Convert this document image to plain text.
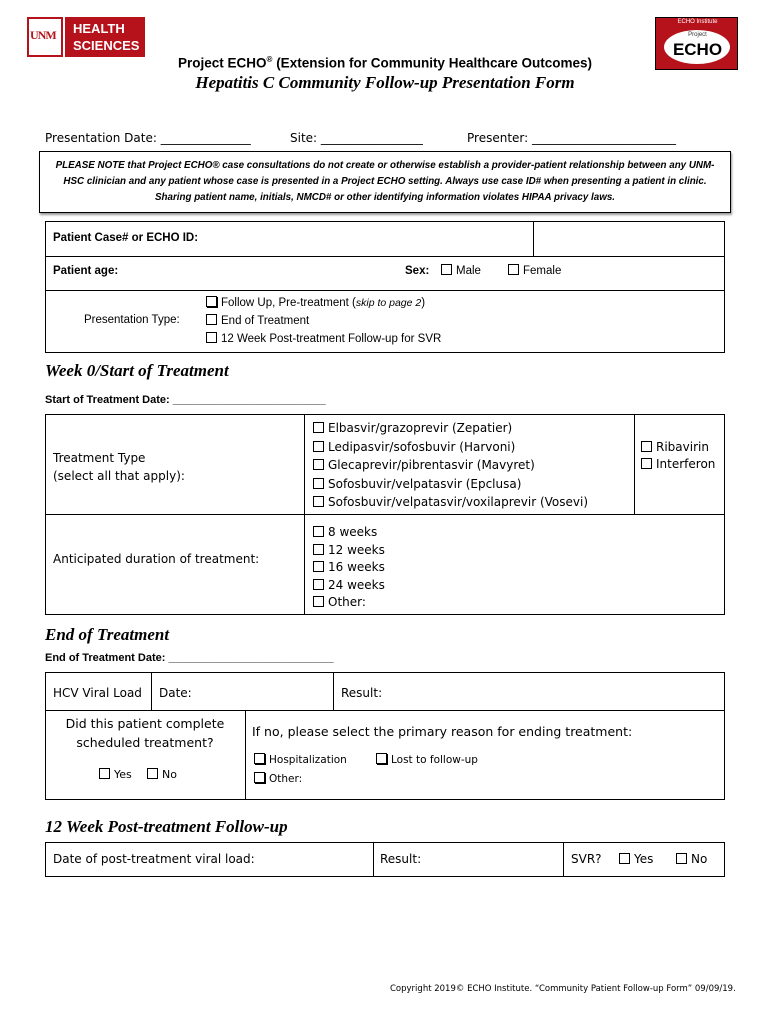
UNM HEALTH
SCIENCES
ECHO Institute
Project
ECHO
Project ECHO® (Extension for Community Healthcare Outcomes)
Hepatitis C Community Follow-up Presentation Form
Presentation Date: _______________	Site: _________________	Presenter: ________________________
PLEASE NOTE that Project ECHO® case consultations do not create or otherwise establish a provider-patient relationship between any UNM-HSC clinician and any patient whose case is presented in a Project ECHO setting. Always use case ID# when presenting a patient in clinic. Sharing patient name, initials, NMCD# or other identifying information violates HIPAA privacy laws.
Patient Case# or ECHO ID:
Patient age:	Sex:	Male	Female
Presentation Type:
Follow Up, Pre-treatment (skip to page 2)
End of Treatment
12 Week Post-treatment Follow-up for SVR
Week 0/Start of Treatment
Start of Treatment Date: _________________________
Treatment Type
(select all that apply):
Elbasvir/grazoprevir (Zepatier)
Ledipasvir/sofosbuvir (Harvoni)
Glecaprevir/pibrentasvir (Mavyret)
Sofosbuvir/velpatasvir (Epclusa)
Sofosbuvir/velpatasvir/voxilaprevir (Vosevi)
Ribavirin
Interferon
Anticipated duration of treatment:
8 weeks
12 weeks
16 weeks
24 weeks
Other:
End of Treatment
End of Treatment Date: ___________________________
HCV Viral Load Date:	Result:
Did this patient complete
scheduled treatment?
Yes	No
If no, please select the primary reason for ending treatment:
Hospitalization	Lost to follow-up
Other:
12 Week Post-treatment Follow-up
Date of post-treatment viral load:	Result:	SVR?	Yes	No
Copyright 2019© ECHO Institute. “Community Patient Follow-up Form” 09/09/19.
